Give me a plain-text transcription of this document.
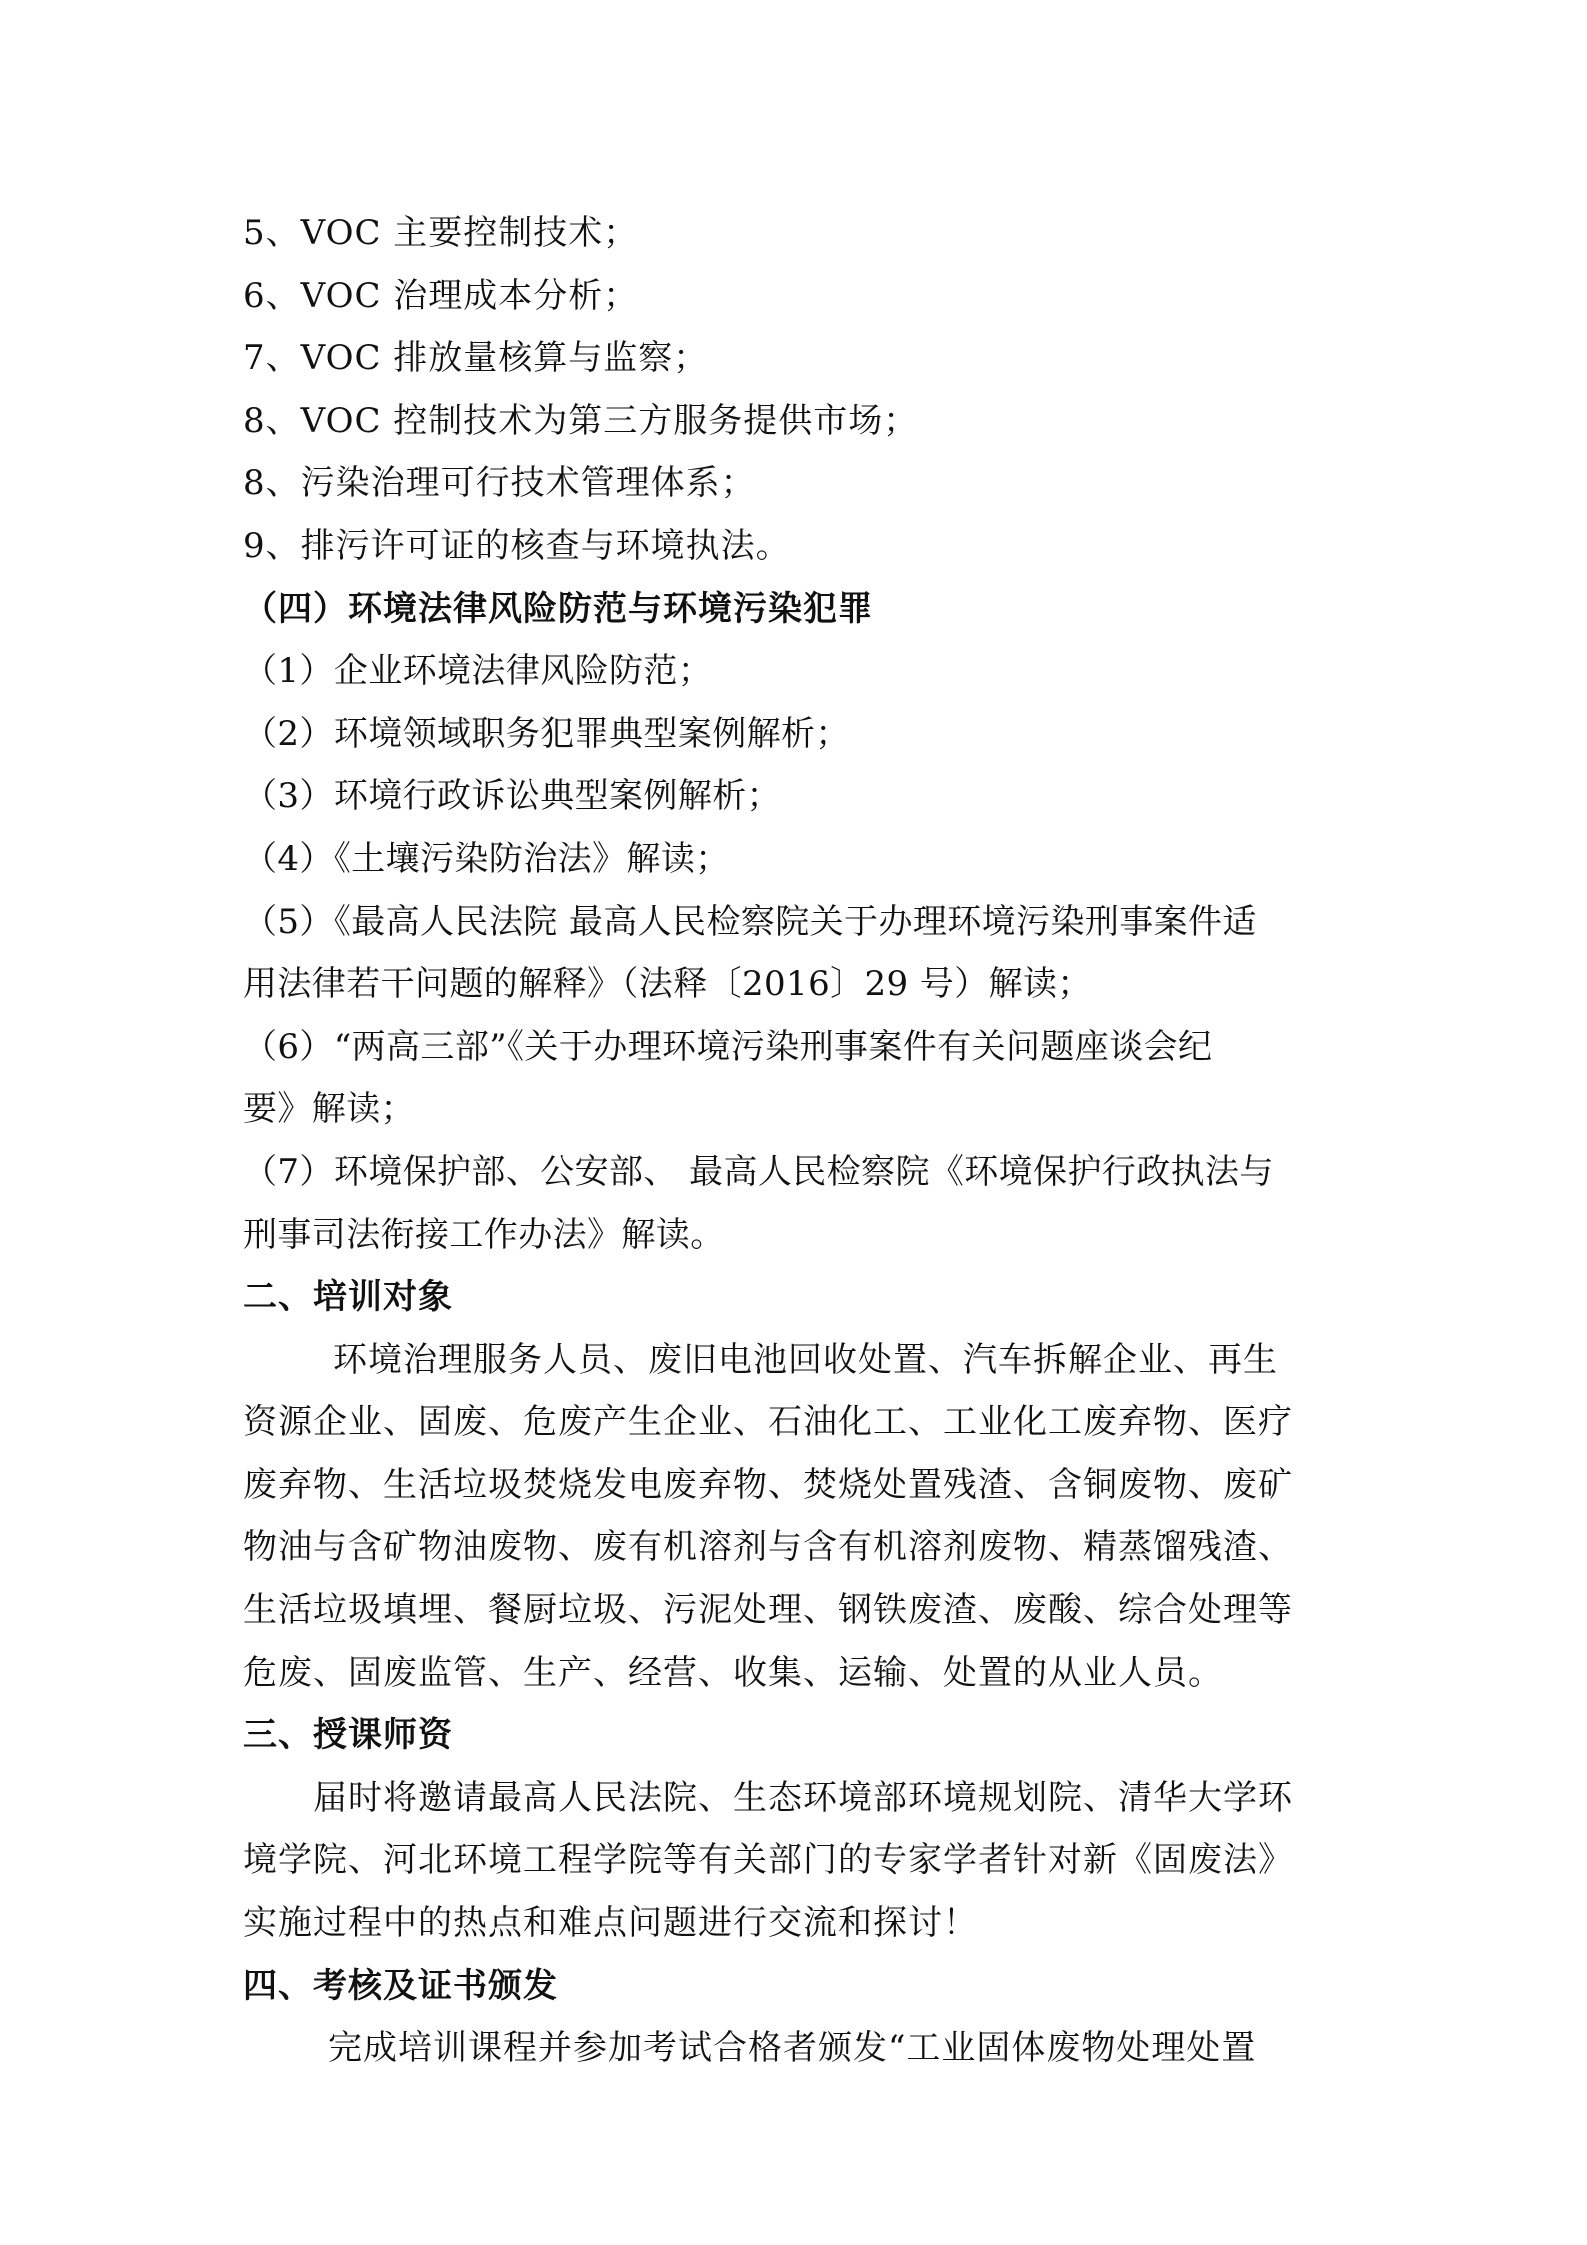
5、VOC 主要控制技术；
6、VOC 治理成本分析；
7、VOC 排放量核算与监察；
8、VOC 控制技术为第三方服务提供市场；
8、污染治理可行技术管理体系；
9、排污许可证的核查与环境执法。
（四）环境法律风险防范与环境污染犯罪
（1）企业环境法律风险防范；
（2）环境领域职务犯罪典型案例解析；
（3）环境行政诉讼典型案例解析；
（4）《土壤污染防治法》解读；
（5）《最高人民法院 最高人民检察院关于办理环境污染刑事案件适
用法律若干问题的解释》（法释〔2016〕29 号）解读；
（6）“两高三部”《关于办理环境污染刑事案件有关问题座谈会纪
要》解读；
（7）环境保护部、公安部、 最高人民检察院《环境保护行政执法与
刑事司法衔接工作办法》解读。
二、培训对象
环境治理服务人员、废旧电池回收处置、汽车拆解企业、再生
资源企业、固废、危废产生企业、石油化工、工业化工废弃物、医疗
废弃物、生活垃圾焚烧发电废弃物、焚烧处置残渣、含铜废物、废矿
物油与含矿物油废物、废有机溶剂与含有机溶剂废物、精蒸馏残渣、
生活垃圾填埋、餐厨垃圾、污泥处理、钢铁废渣、废酸、综合处理等
危废、固废监管、生产、经营、收集、运输、处置的从业人员。
三、授课师资
届时将邀请最高人民法院、生态环境部环境规划院、清华大学环
境学院、河北环境工程学院等有关部门的专家学者针对新《固废法》
实施过程中的热点和难点问题进行交流和探讨！
四、考核及证书颁发
完成培训课程并参加考试合格者颁发“工业固体废物处理处置
